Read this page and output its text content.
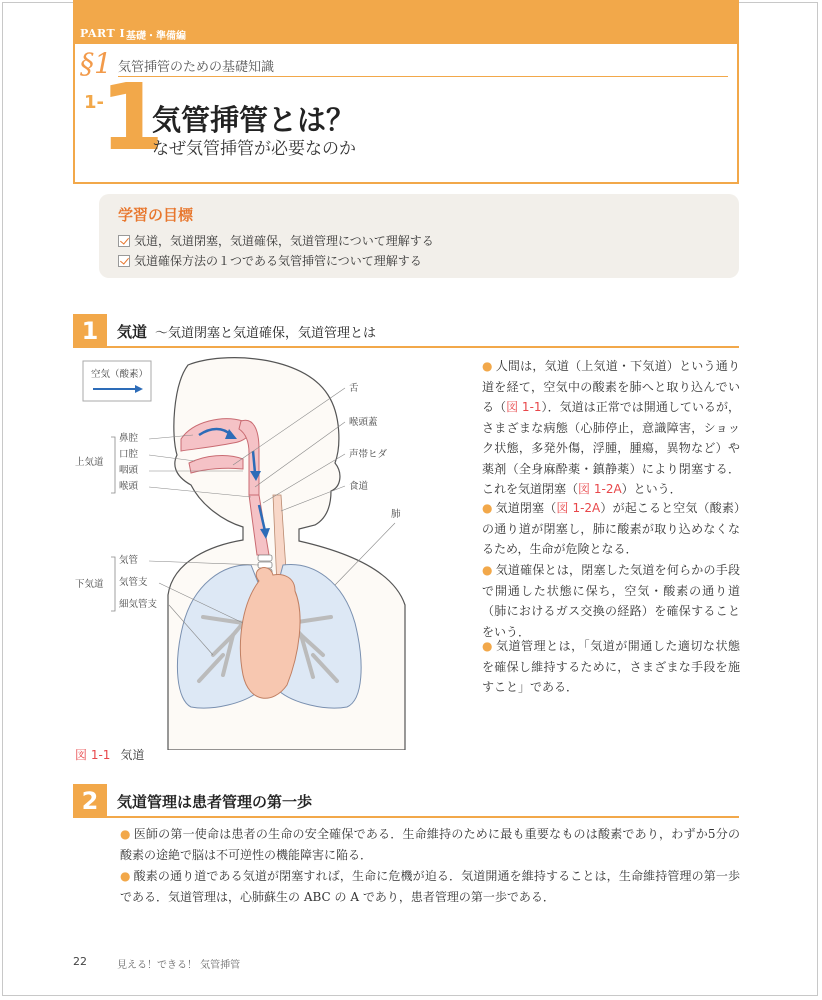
PART Ⅰ 基礎・準備編
§1 気管挿管のための基礎知識
1-
1
気管挿管とは？
なぜ気管挿管が必要なのか
学習の目標
気道，気道閉塞，気道確保，気道管理について理解する
気道確保方法の１つである気管挿管について理解する
1	気道 〜気道閉塞と気道確保，気道管理とは
空気（酸素）
鼻腔
口腔
咽頭
喉頭
上気道
気管
気管支
細気管支
下気道
舌
喉頭蓋
声帯ヒダ
食道
肺
図 1-1 気道
● 人間は，気道（上気道・下気道）という通り道を経て，空気中の酸素を肺へと取り込んでいる（図 1-1）．気道は正常では開通しているが，さまざまな病態（心肺停止，意識障害，ショック状態，多発外傷，浮腫，腫瘍，異物など）や薬剤（全身麻酔薬・鎮静薬）により閉塞する．これを気道閉塞（図 1-2A）という．
● 気道閉塞（図 1-2A）が起こると空気（酸素）の通り道が閉塞し，肺に酸素が取り込めなくなるため，生命が危険となる．
● 気道確保とは，閉塞した気道を何らかの手段で開通した状態に保ち，空気・酸素の通り道（肺におけるガス交換の経路）を確保することをいう．
● 気道管理とは，「気道が開通した適切な状態を確保し維持するために，さまざまな手段を施すこと」である．
2	気道管理は患者管理の第一歩
● 医師の第一使命は患者の生命の安全確保である．生命維持のために最も重要なものは酸素であり，わずか5分の酸素の途絶で脳は不可逆性の機能障害に陥る．
● 酸素の通り道である気道が閉塞すれば，生命に危機が迫る．気道開通を維持することは，生命維持管理の第一歩である．気道管理は，心肺蘇生の ABC の A であり，患者管理の第一歩である．
22	見える！できる！ 気管挿管
